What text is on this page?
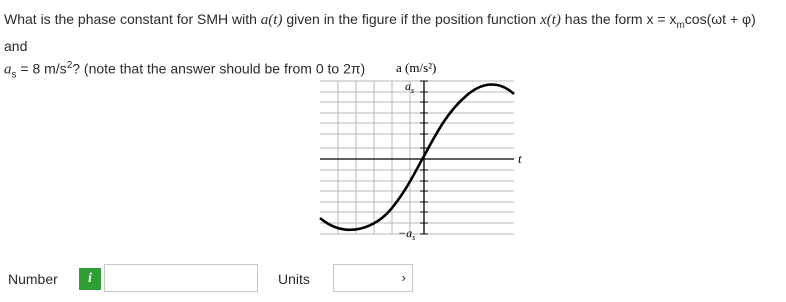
What is the phase constant for SMH with a(t) given in the figure if the position function x(t) has the form $x = x_m\cos(\omega t + \varphi)$ and
$a_s = 8$ $m/s^2$? (note that the answer should be from 0 to 2π)	a (m/s²)
t
$a_s$
$-a_s$
Number	i	Units	›
